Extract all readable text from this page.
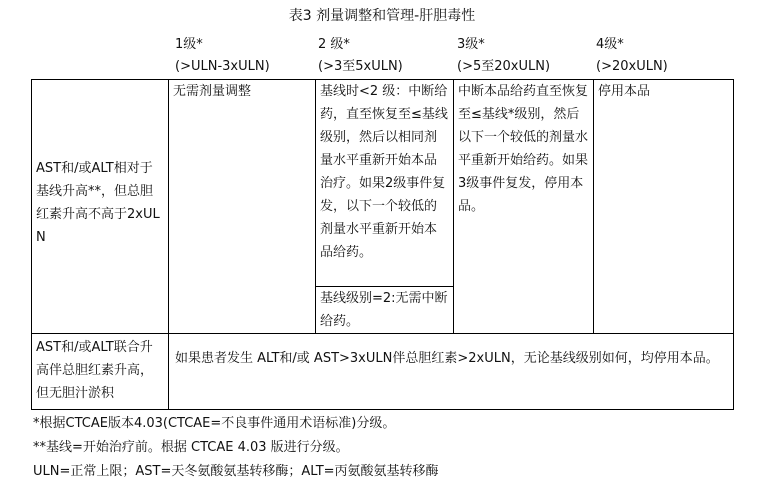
表3 剂量调整和管理-肝胆毒性
1级*
(>ULN-3xULN)
2 级*
(>3至5xULN)
3级*
(>5至20xULN)
4级*
(>20xULN)
AST和/或ALT相对于基线升高**，但总胆红素升高不高于2xULN
无需剂量调整	基线时<2 级：中断给药，直至恢复至≤基线级别，然后以相同剂量水平重新开始本品治疗。如果2级事件复发，以下一个较低的剂量水平重新开始本品给药。
基线级别=2:无需中断给药。
中断本品给药直至恢复至≤基线*级别，然后以下一个较低的剂量水平重新开始给药。如果3级事件复发，停用本品。
停用本品
AST和/或ALT联合升高伴总胆红素升高，但无胆汁淤积
如果患者发生 ALT和/或 AST>3xULN伴总胆红素>2xULN，无论基线级别如何，均停用本品。
*根据CTCAE版本4.03(CTCAE=不良事件通用术语标准)分级。
**基线=开始治疗前。根据 CTCAE 4.03 版进行分级。
ULN=正常上限；AST=天冬氨酸氨基转移酶；ALT=丙氨酸氨基转移酶
